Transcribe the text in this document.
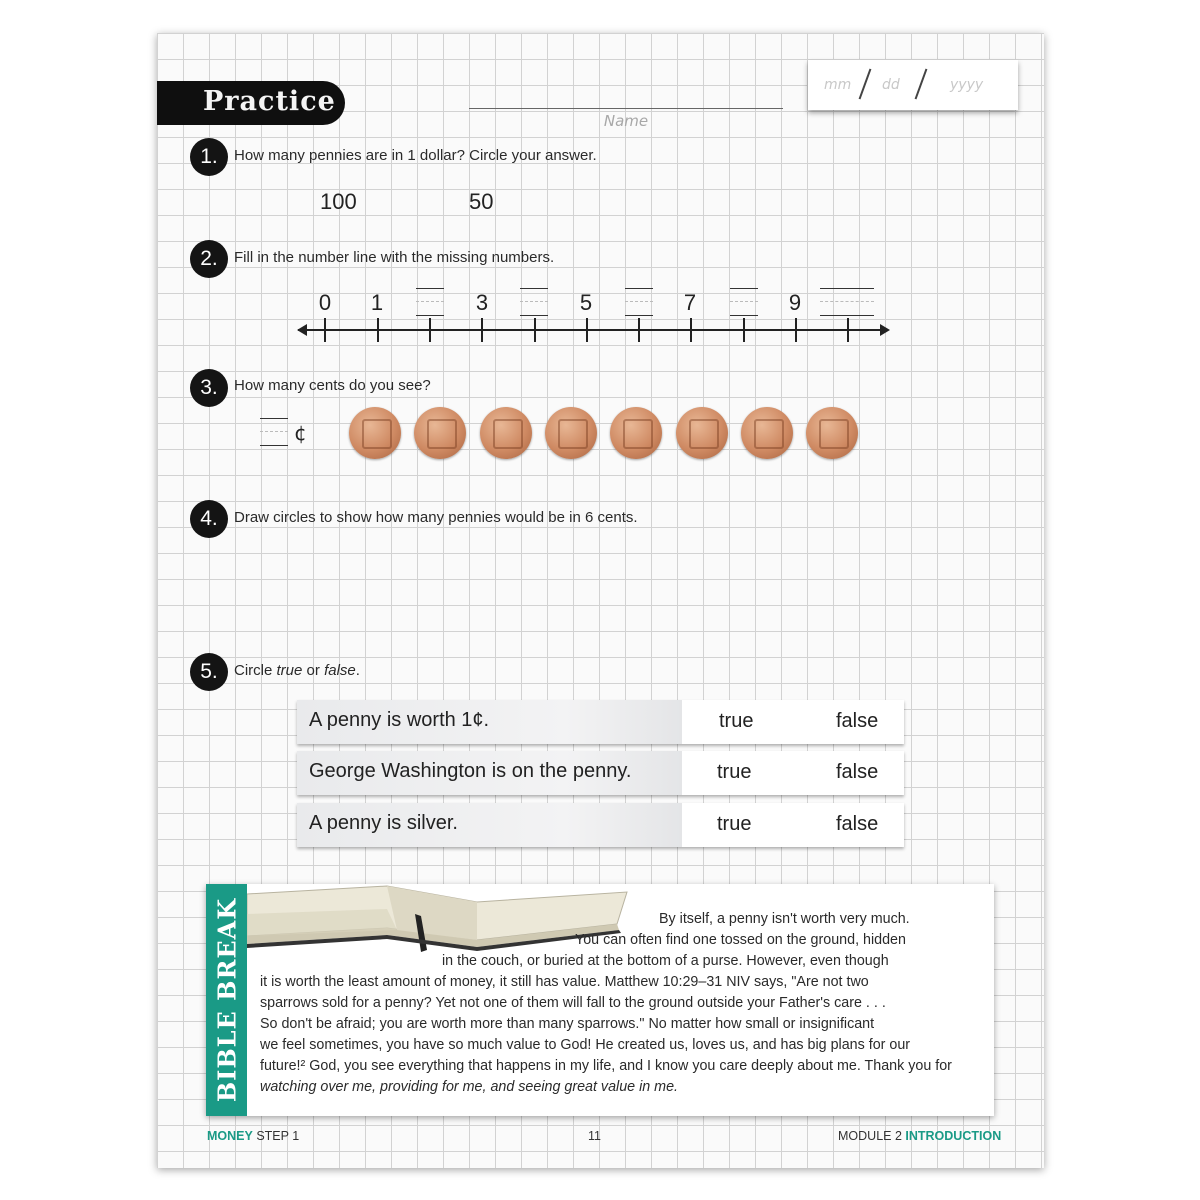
Practice
Name
mm dd	yyyy
1.	How many pennies are in 1 dollar? Circle your answer.
100	50
2.	Fill in the number line with the missing numbers.
0	1	3	5	7	9
3.	How many cents do you see?
¢
4.	Draw circles to show how many pennies would be in 6 cents.
5.	Circle true or false.
A penny is worth 1¢.	true	false
George Washington is on the penny.	true	false
A penny is silver.	true	false
BIBLE BREAK	By itself, a penny isn't worth very much.
You can often find one tossed on the ground, hidden
in the couch, or buried at the bottom of a purse. However, even though
it is worth the least amount of money, it still has value. Matthew 10:29–31 NIV says, "Are not two
sparrows sold for a penny? Yet not one of them will fall to the ground outside your Father's care . . .
So don't be afraid; you are worth more than many sparrows." No matter how small or insignificant
we feel sometimes, you have so much value to God! He created us, loves us, and has big plans for our
future!² God, you see everything that happens in my life, and I know you care deeply about me. Thank you for
watching over me, providing for me, and seeing great value in me.
MONEY STEP 1	11	MODULE 2 INTRODUCTION
